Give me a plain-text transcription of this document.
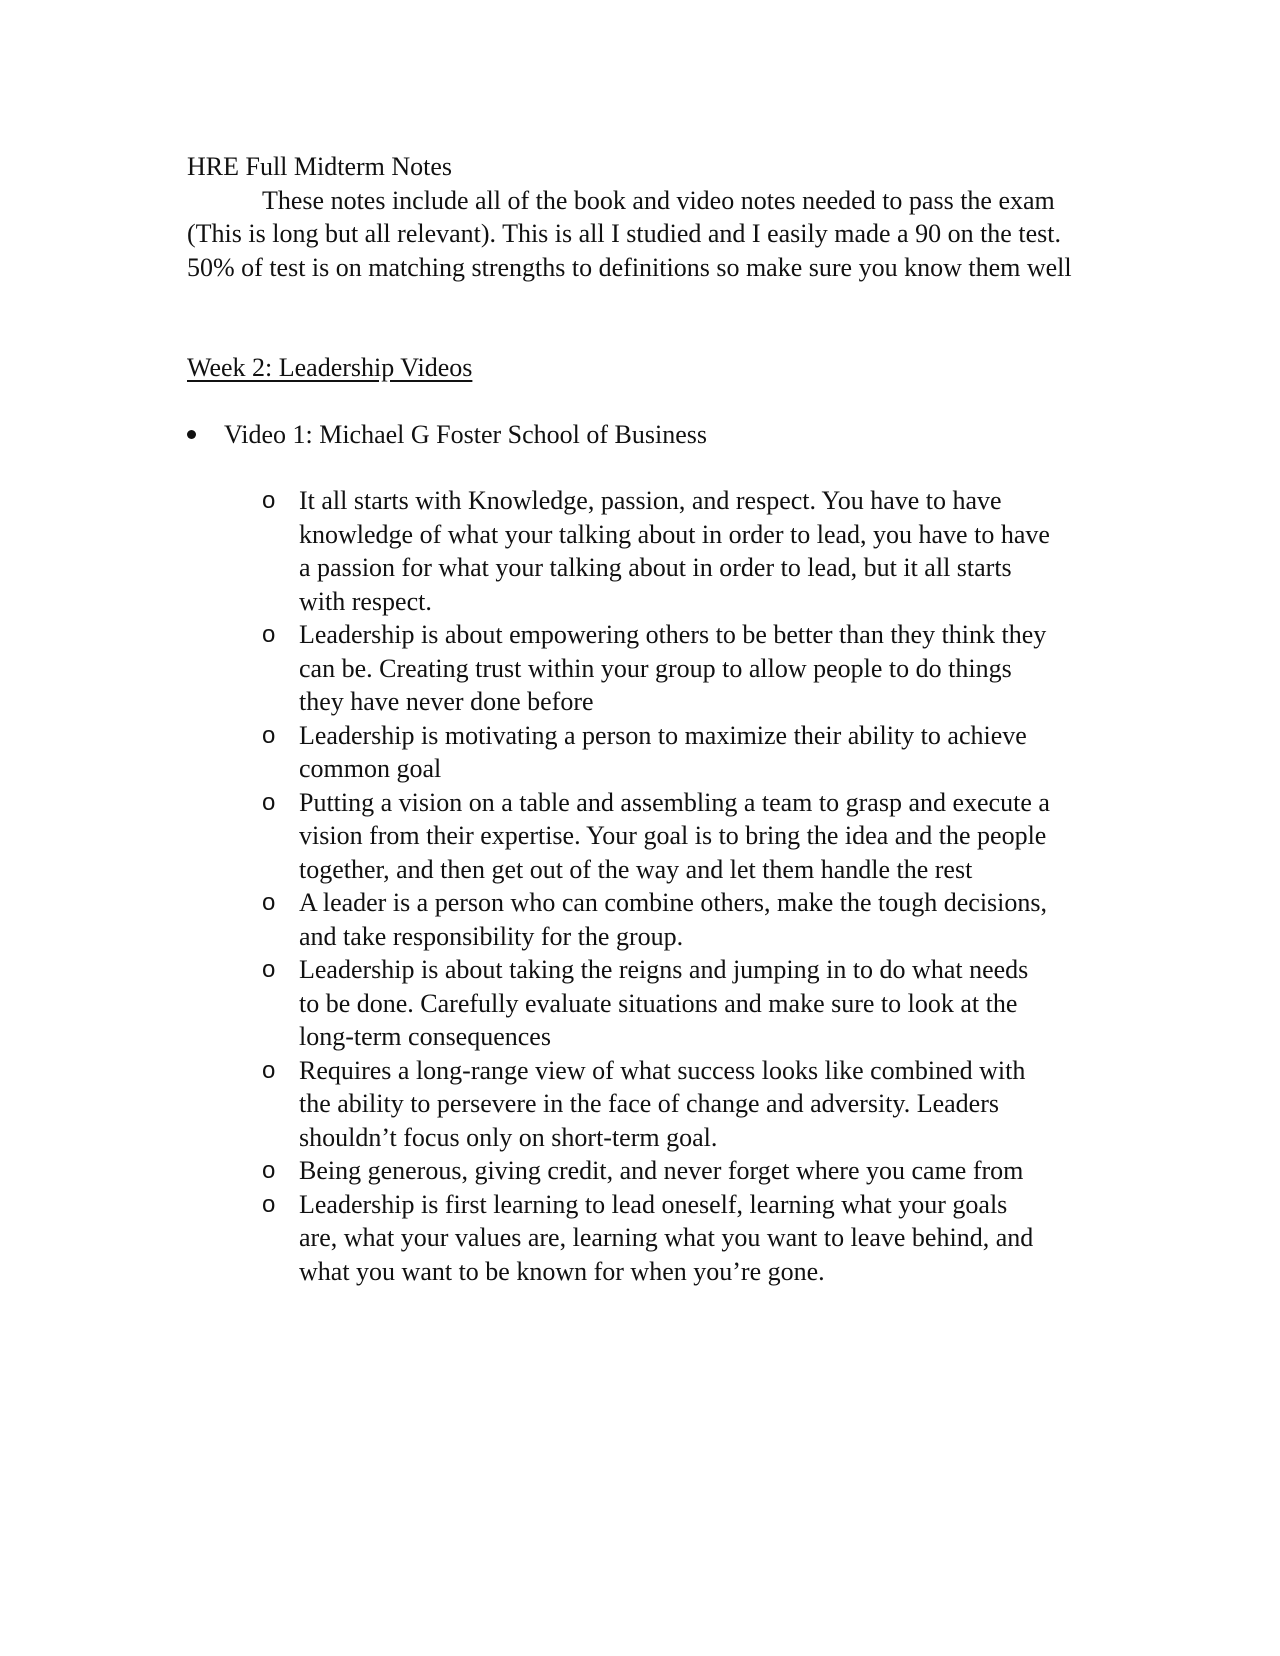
HRE Full Midterm Notes

These notes include all of the book and video notes needed to pass the exam (This is long but all relevant). This is all I studied and I easily made a 90 on the test.

50% of test is on matching strengths to definitions so make sure you know them well

Week 2: Leadership Videos

Video 1: Michael G Foster School of Business
o It all starts with Knowledge, passion, and respect. You have to have knowledge of what your talking about in order to lead, you have to have a passion for what your talking about in order to lead, but it all starts with respect.
o Leadership is about empowering others to be better than they think they can be. Creating trust within your group to allow people to do things they have never done before
o Leadership is motivating a person to maximize their ability to achieve common goal
o Putting a vision on a table and assembling a team to grasp and execute a vision from their expertise. Your goal is to bring the idea and the people together, and then get out of the way and let them handle the rest
o A leader is a person who can combine others, make the tough decisions, and take responsibility for the group.
o Leadership is about taking the reigns and jumping in to do what needs to be done. Carefully evaluate situations and make sure to look at the long-term consequences
o Requires a long-range view of what success looks like combined with the ability to persevere in the face of change and adversity. Leaders shouldn’t focus only on short-term goal.
o Being generous, giving credit, and never forget where you came from
o Leadership is first learning to lead oneself, learning what your goals are, what your values are, learning what you want to leave behind, and what you want to be known for when you’re gone.
